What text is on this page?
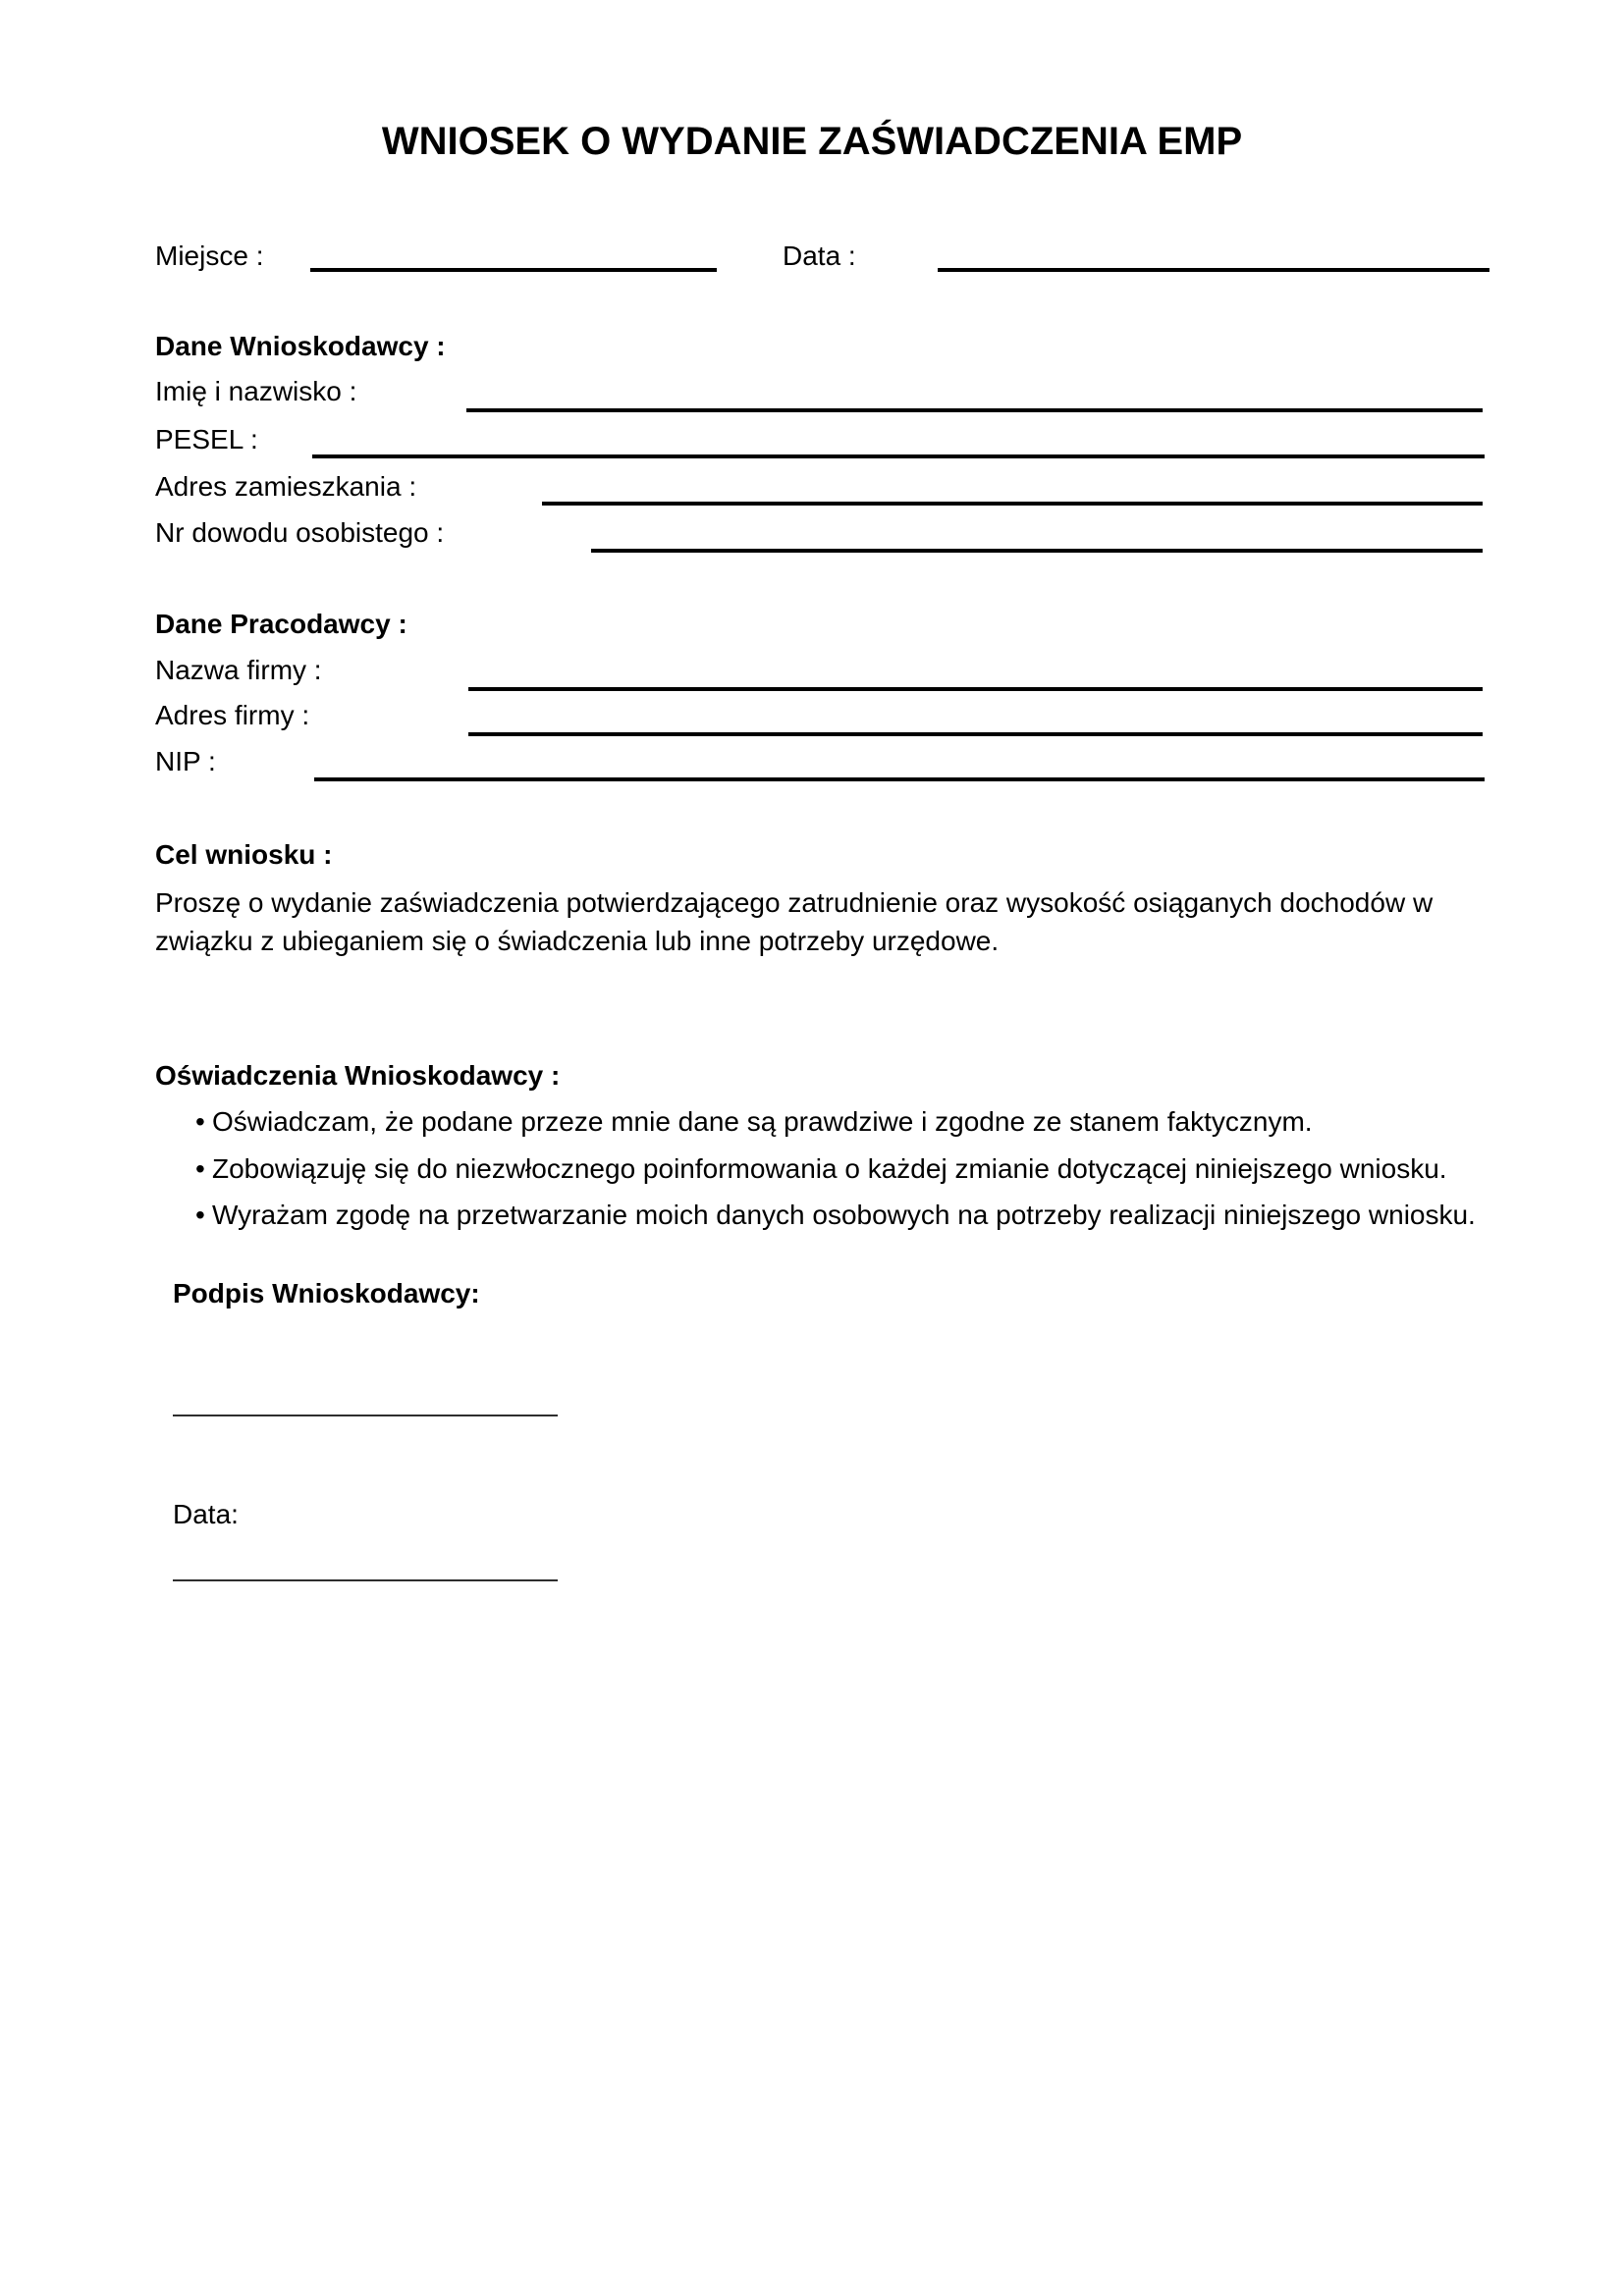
WNIOSEK O WYDANIE ZAŚWIADCZENIA EMP
Miejsce :	Data :
Dane Wnioskodawcy :
Imię i nazwisko :
PESEL :
Adres zamieszkania :
Nr dowodu osobistego :
Dane Pracodawcy :
Nazwa firmy :
Adres firmy :
NIP :
Cel wniosku :
Proszę o wydanie zaświadczenia potwierdzającego zatrudnienie oraz wysokość osiąganych dochodów w związku z ubieganiem się o świadczenia lub inne potrzeby urzędowe.
Oświadczenia Wnioskodawcy :
• Oświadczam, że podane przeze mnie dane są prawdziwe i zgodne ze stanem faktycznym.
• Zobowiązuję się do niezwłocznego poinformowania o każdej zmianie dotyczącej niniejszego wniosku.
• Wyrażam zgodę na przetwarzanie moich danych osobowych na potrzeby realizacji niniejszego wniosku.
Podpis Wnioskodawcy:
Data:
